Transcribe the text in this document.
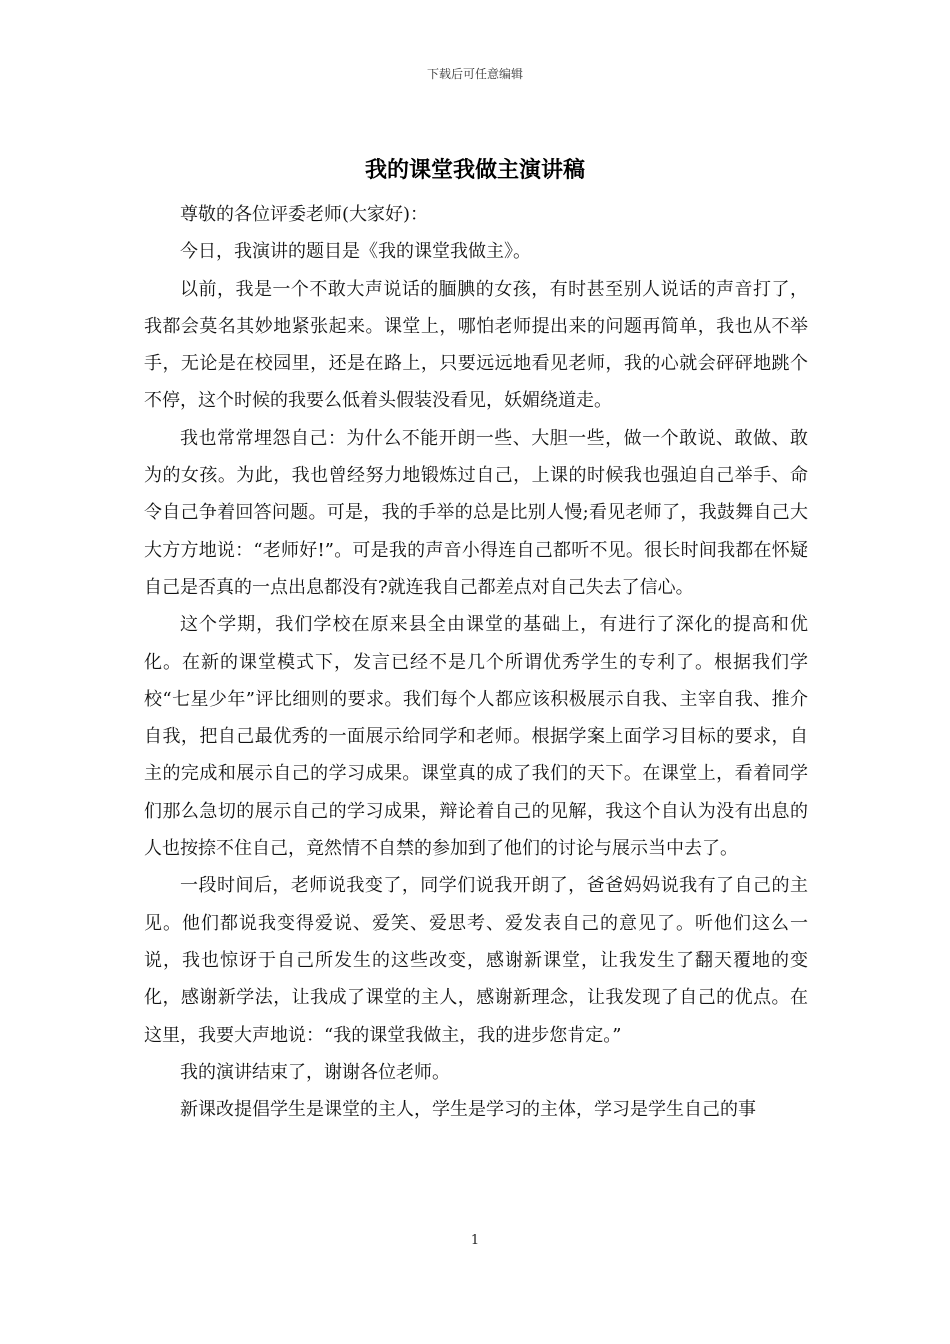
下载后可任意编辑
我的课堂我做主演讲稿

尊敬的各位评委老师(大家好)：

今日，我演讲的题目是《我的课堂我做主》。

以前，我是一个不敢大声说话的腼腆的女孩，有时甚至别人说话的声音打了，我都会莫名其妙地紧张起来。课堂上，哪怕老师提出来的问题再简单，我也从不举手，无论是在校园里，还是在路上，只要远远地看见老师，我的心就会砰砰地跳个不停，这个时候的我要么低着头假装没看见，妖媚绕道走。

我也常常埋怨自己：为什么不能开朗一些、大胆一些，做一个敢说、敢做、敢为的女孩。为此，我也曾经努力地锻炼过自己，上课的时候我也强迫自己举手、命令自己争着回答问题。可是，我的手举的总是比别人慢;看见老师了，我鼓舞自己大大方方地说：“老师好!”。可是我的声音小得连自己都听不见。很长时间我都在怀疑自己是否真的一点出息都没有?就连我自己都差点对自己失去了信心。

这个学期，我们学校在原来县全由课堂的基础上，有进行了深化的提高和优化。在新的课堂模式下，发言已经不是几个所谓优秀学生的专利了。根据我们学校“七星少年”评比细则的要求。我们每个人都应该积极展示自我、主宰自我、推介自我，把自己最优秀的一面展示给同学和老师。根据学案上面学习目标的要求，自主的完成和展示自己的学习成果。课堂真的成了我们的天下。在课堂上，看着同学们那么急切的展示自己的学习成果，辩论着自己的见解，我这个自认为没有出息的人也按捺不住自己，竟然情不自禁的参加到了他们的讨论与展示当中去了。

一段时间后，老师说我变了，同学们说我开朗了，爸爸妈妈说我有了自己的主见。他们都说我变得爱说、爱笑、爱思考、爱发表自己的意见了。听他们这么一说，我也惊讶于自己所发生的这些改变，感谢新课堂，让我发生了翻天覆地的变化，感谢新学法，让我成了课堂的主人，感谢新理念，让我发现了自己的优点。在这里，我要大声地说：“我的课堂我做主，我的进步您肯定。”

我的演讲结束了，谢谢各位老师。

新课改提倡学生是课堂的主人，学生是学习的主体，学习是学生自己的事

1
